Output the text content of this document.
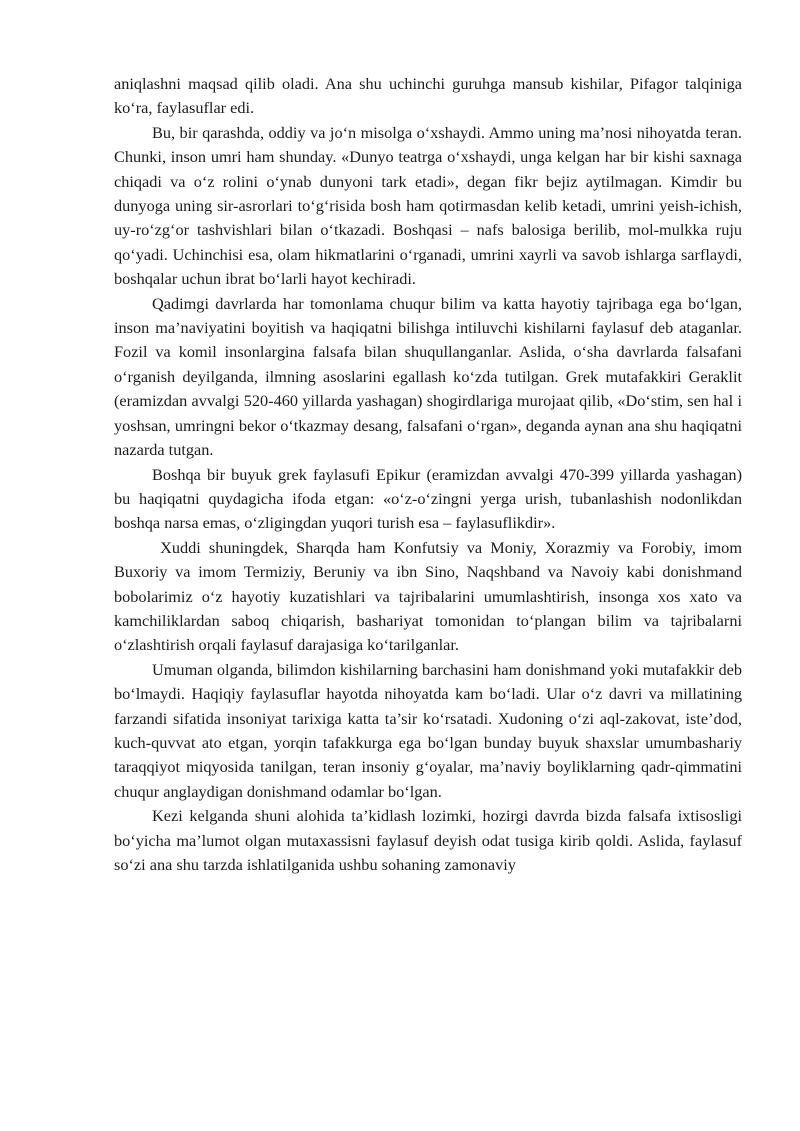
aniqlashni maqsad qilib oladi. Ana shu uchinchi guruhga mansub kishilar, Pifagor talqiniga ko‘ra, faylasuflar edi.

Bu, bir qarashda, oddiy va jo‘n misolga o‘xshaydi. Ammo uning ma’nosi nihoyatda teran. Chunki, inson umri ham shunday. «Dunyo teatrga o‘xshaydi, unga kelgan har bir kishi saxnaga chiqadi va o‘z rolini o‘ynab dunyoni tark etadi», degan fikr bejiz aytilmagan. Kimdir bu dunyoga uning sir-asrorlari to‘g‘risida bosh ham qotirmasdan kelib ketadi, umrini yeish-ichish, uy-ro‘zg‘or tashvishlari bilan o‘tkazadi. Boshqasi – nafs balosiga berilib, mol-mulkka ruju qo‘yadi. Uchinchisi esa, olam hikmatlarini o‘rganadi, umrini xayrli va savob ishlarga sarflaydi, boshqalar uchun ibrat bo‘larli hayot kechiradi.

Qadimgi davrlarda har tomonlama chuqur bilim va katta hayotiy tajribaga ega bo‘lgan, inson ma’naviyatini boyitish va haqiqatni bilishga intiluvchi kishilarni faylasuf deb ataganlar. Fozil va komil insonlargina falsafa bilan shuqullanganlar. Aslida, o‘sha davrlarda falsafani o‘rganish deyilganda, ilmning asoslarini egallash ko‘zda tutilgan. Grek mutafakkiri Geraklit (eramizdan avvalgi 520-460 yillarda yashagan) shogirdlariga murojaat qilib, «Do‘stim, sen hal i yoshsan, umringni bekor o‘tkazmay desang, falsafani o‘rgan», deganda aynan ana shu haqiqatni nazarda tutgan.

Boshqa bir buyuk grek faylasufi Epikur (eramizdan avvalgi 470-399 yillarda yashagan) bu haqiqatni quydagicha ifoda etgan: «o‘z-o‘zingni yerga urish, tubanlashish nodonlikdan boshqa narsa emas, o‘zligingdan yuqori turish esa – faylasuflikdir».

Xuddi shuningdek, Sharqda ham Konfutsiy va Moniy, Xorazmiy va Forobiy, imom Buxoriy va imom Termiziy, Beruniy va ibn Sino, Naqshband va Navoiy kabi donishmand bobolarimiz o‘z hayotiy kuzatishlari va tajribalarini umumlashtirish, insonga xos xato va kamchiliklardan saboq chiqarish, bashariyat tomonidan to‘plangan bilim va tajribalarni o‘zlashtirish orqali faylasuf darajasiga ko‘tarilganlar.

Umuman olganda, bilimdon kishilarning barchasini ham donishmand yoki mutafakkir deb bo‘lmaydi. Haqiqiy faylasuflar hayotda nihoyatda kam bo‘ladi. Ular o‘z davri va millatining farzandi sifatida insoniyat tarixiga katta ta’sir ko‘rsatadi. Xudoning o‘zi aql-zakovat, iste’dod, kuch-quvvat ato etgan, yorqin tafakkurga ega bo‘lgan bunday buyuk shaxslar umumbashariy taraqqiyot miqyosida tanilgan, teran insoniy g‘oyalar, ma’naviy boyliklarning qadr-qimmatini chuqur anglaydigan donishmand odamlar bo‘lgan.

Kezi kelganda shuni alohida ta’kidlash lozimki, hozirgi davrda bizda falsafa ixtisosligi bo‘yicha ma’lumot olgan mutaxassisni faylasuf deyish odat tusiga kirib qoldi. Aslida, faylasuf so‘zi ana shu tarzda ishlatilganida ushbu sohaning zamonaviy
